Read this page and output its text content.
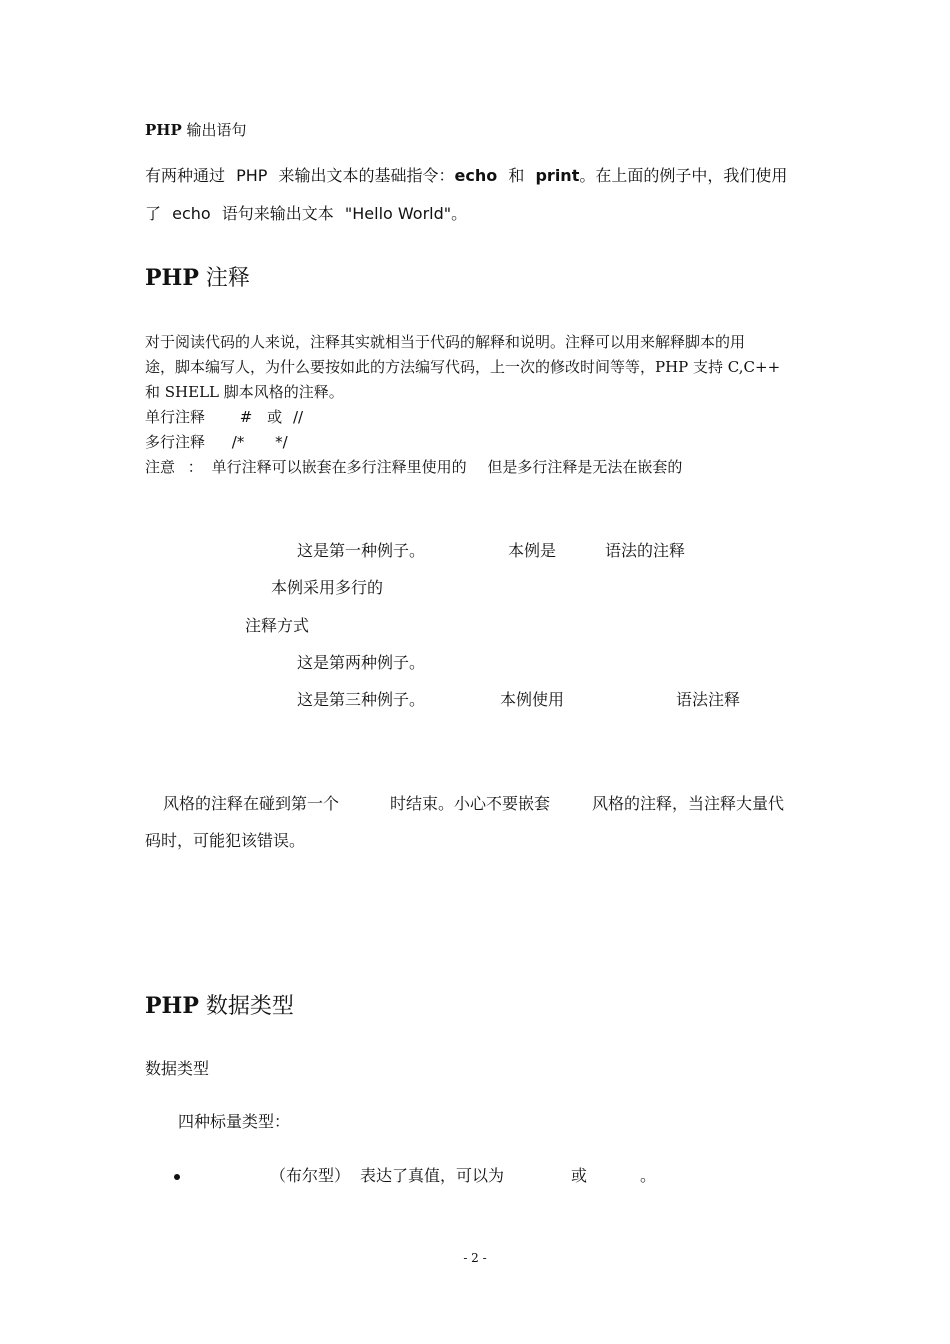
PHP 输出语句
有两种通过 PHP 来输出文本的基础指令：echo 和 print。在上面的例子中，我们使用
了 echo 语句来输出文本 "Hello World"。
PHP 注释
对于阅读代码的人来说，注释其实就相当于代码的解释和说明。注释可以用来解释脚本的用
途，脚本编写人，为什么要按如此的方法编写代码，上一次的修改时间等等，PHP 支持 C,C++
和 SHELL 脚本风格的注释。
单行注释 # 或 //
多行注释 /* */
注意 ： 单行注释可以嵌套在多行注释里使用的 但是多行注释是无法在嵌套的
这是第一种例子。	本例是	语法的注释
本例采用多行的
注释方式
这是第两种例子。
这是第三种例子。	本例使用	语法注释
风格的注释在碰到第一个	时结束。小心不要嵌套	风格的注释，当注释大量代
码时，可能犯该错误。
PHP 数据类型
数据类型
四种标量类型：
（布尔型） 表达了真值，可以为	或	。
- 2 -
